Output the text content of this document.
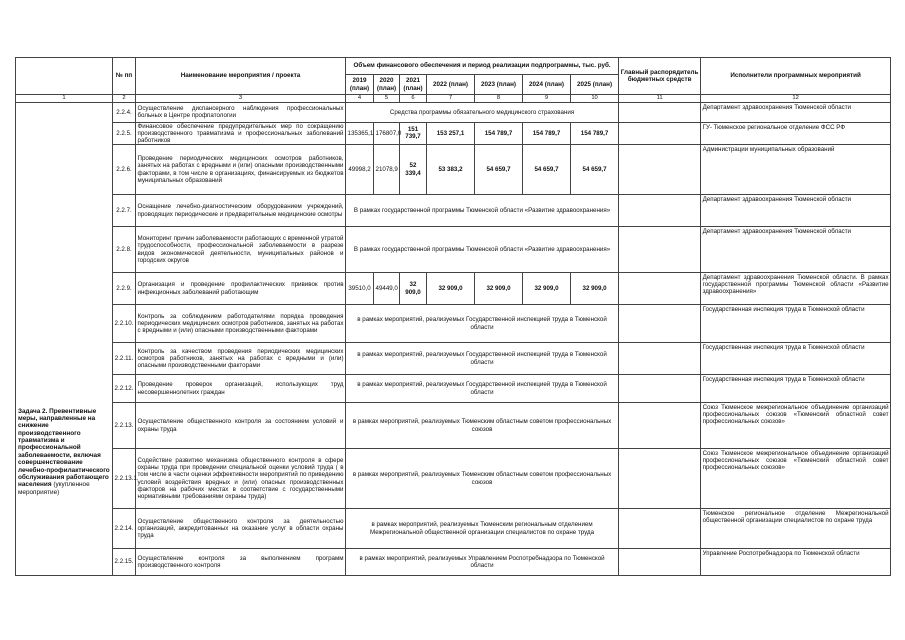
	№ пп	Наименование мероприятия / проекта	Объем финансового обеспечения и период реализации подпрограммы, тыс. руб.							Главный распорядитель бюджетных средств	Исполнители программных мероприятий
			2019 (план)	2020 (план)	2021 (план)	2022 (план)	2023 (план)	2024 (план)	2025 (план)		
1	2	3	4	5	6	7	8	9	10	11	12

Задача 2. Превентивные меры, направленные на снижение производственного травматизма и профессиональной заболеваемости, включая совершенствование лечебно-профилактического обслуживания работающего населения (укупленное мероприятие)	2.2.4.	Осуществление диспансерного наблюдения профессиональных больных в Центре профпатологии	Средства программы обязательного медицинского страхования								Департамент здравоохранения Тюменской области
	2.2.5.	Финансовое обеспечение предупредительных мер по сокращению производственного травматизма и профессиональных заболеваний работников	135365,1	176807,0	151 739,7	153 257,1	154 789,7	154 789,7	154 789,7		ГУ- Тюменское региональное отделение ФСС РФ
	2.2.6.	Проведение периодических медицинских осмотров работников, занятых на работах с вредными и (или) опасными производственными факторами, в том числе в организациях, финансируемых из бюджетов муниципальных образований	49998,2	21078,9	52 339,4	53 383,2	54 659,7	54 659,7	54 659,7		Администрации муниципальных образований
	2.2.7.	Оснащение лечебно-диагностическим оборудованием учреждений, проводящих периодические и предварительные медицинские осмотры	В рамках государственной программы Тюменской области «Развитие здравоохранения»								Департамент здравоохранения Тюменской области
	2.2.8.	Мониторинг причин заболеваемости работающих с временной утратой трудоспособности, профессиональной заболеваемости в разрезе видов экономической деятельности, муниципальных районов и городских округов	В рамках государственной программы Тюменской области «Развитие здравоохранения»								Департамент здравоохранения Тюменской области
	2.2.9.	Организация и проведение профилактических прививок против инфекционных заболеваний работающим	39510,0	49449,0	32 909,0	32 909,0	32 909,0	32 909,0	32 909,0		Департамент здравоохранения Тюменской области. В рамках государственной программы Тюменской области «Развитие здравоохранения»
	2.2.10.	Контроль за соблюдением работодателями порядка проведения периодических медицинских осмотров работников, занятых на работах с вредными и (или) опасными производственными факторами	в рамках мероприятий, реализуемых Государственной инспекцией труда в Тюменской области								Государственная инспекция труда в Тюменской области
	2.2.11.	Контроль за качеством проведения периодических медицинских осмотров работников, занятых на работах с вредными и (или) опасными производственными факторами	в рамках мероприятий, реализуемых Государственной инспекцией труда в Тюменской области								Государственная инспекция труда в Тюменской области
	2.2.12.	Проведение проверок организаций, использующих труд несовершеннолетних граждан	в рамках мероприятий, реализуемых Государственной инспекцией труда в Тюменской области								Государственная инспекция труда в Тюменской области
	2.2.13.	Осуществление общественного контроля за состоянием условий и охраны труда	в рамках мероприятий, реализуемых Тюменским областным советом профессиональных союзов								Союз Тюменское межрегиональное объединение организаций профессиональных союзов «Тюменский областной совет профессиональных союзов»
	2.2.13.1.	Содействие развитию механизма общественного контроля в сфере охраны труда при проведении специальной оценки условий труда ( в том числе в части оценки эффективности мероприятий по приведению условий воздействия вредных и (или) опасных производственных факторов на рабочих местах в соответствие с государственными нормативными требованиями охраны труда)	в рамках мероприятий, реализуемых Тюменским областным советом профессиональных союзов								Союз Тюменское межрегиональное объединение организаций профессиональных союзов «Тюменский областной совет профессиональных союзов»
	2.2.14.	Осуществление общественного контроля за деятельностью организаций, аккредитованных на оказание услуг в области охраны труда	в рамках мероприятий, реализуемых Тюменским региональным отделением Межрегиональной общественной организации специалистов по охране труда								Тюменское региональное отделение Межрегиональной общественной организации специалистов по охране труда
	2.2.15.	Осуществление контроля за выполнением программ производственного контроля	в рамках мероприятий, реализуемых Управлением Роспотребнадзора по Тюменской области								Управление Роспотребнадзора по Тюменской области
